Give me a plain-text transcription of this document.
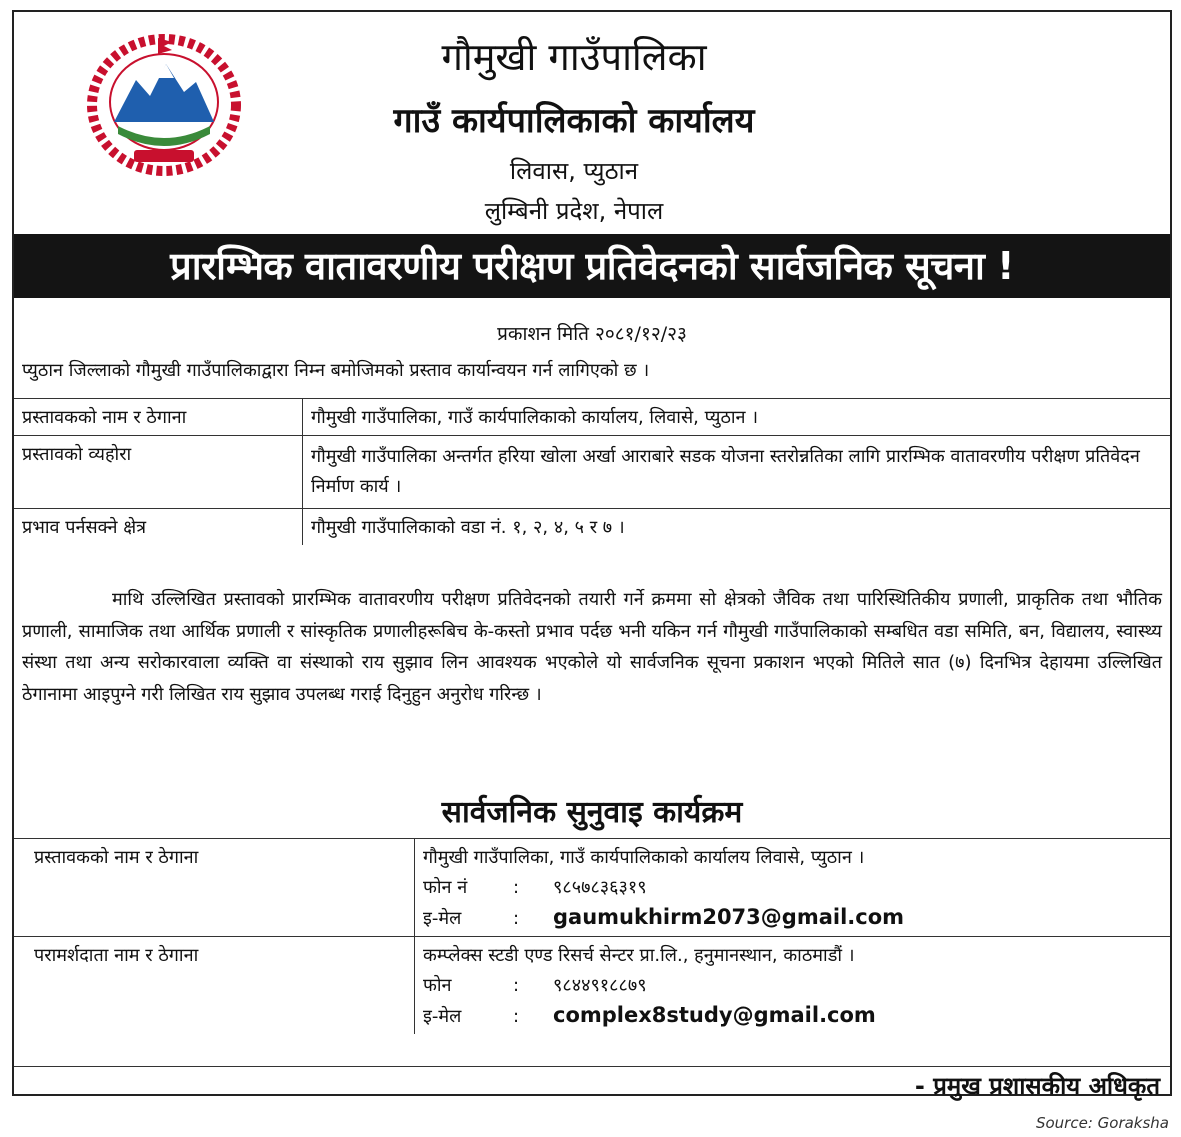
गौमुखी गाउँपालिका
गाउँ कार्यपालिकाको कार्यालय
लिवास, प्युठान
लुम्बिनी प्रदेश, नेपाल
प्रारम्भिक वातावरणीय परीक्षण प्रतिवेदनको सार्वजनिक सूचना !
प्रकाशन मिति २०८१/१२/२३
प्युठान जिल्लाको गौमुखी गाउँपालिकाद्वारा निम्न बमोजिमको प्रस्ताव कार्यान्वयन गर्न लागिएको छ ।
प्रस्तावकको नाम र ठेगाना	गौमुखी गाउँपालिका, गाउँ कार्यपालिकाको कार्यालय, लिवासे, प्युठान ।
प्रस्तावको व्यहोरा	गौमुखी गाउँपालिका अन्तर्गत हरिया खोला अर्खा आराबारे सडक योजना स्तरोन्नतिका लागि प्रारम्भिक वातावरणीय परीक्षण प्रतिवेदन निर्माण कार्य ।
प्रभाव पर्नसक्ने क्षेत्र	गौमुखी गाउँपालिकाको वडा नं. १, २, ४, ५ र ७ ।
माथि उल्लिखित प्रस्तावको प्रारम्भिक वातावरणीय परीक्षण प्रतिवेदनको तयारी गर्ने क्रममा सो क्षेत्रको जैविक तथा पारिस्थितिकीय प्रणाली, प्राकृतिक तथा भौतिक प्रणाली, सामाजिक तथा आर्थिक प्रणाली र सांस्कृतिक प्रणालीहरूबिच के-कस्तो प्रभाव पर्दछ भनी यकिन गर्न गौमुखी गाउँपालिकाको सम्बधित वडा समिति, बन, विद्यालय, स्वास्थ्य संस्था तथा अन्य सरोकारवाला व्यक्ति वा संस्थाको राय सुझाव लिन आवश्यक भएकोले यो सार्वजनिक सूचना प्रकाशन भएको मितिले सात (७) दिनभित्र देहायमा उल्लिखित ठेगानामा आइपुग्ने गरी लिखित राय सुझाव उपलब्ध गराई दिनुहुन अनुरोध गरिन्छ ।
सार्वजनिक सुनुवाइ कार्यक्रम
प्रस्तावकको नाम र ठेगाना	गौमुखी गाउँपालिका, गाउँ कार्यपालिकाको कार्यालय लिवासे, प्युठान ।
फोन नं : ९८५७८३६३१९
इ-मेल : gaumukhirm2073@gmail.com

परामर्शदाता नाम र ठेगाना	कम्प्लेक्स स्टडी एण्ड रिसर्च सेन्टर प्रा.लि., हनुमानस्थान, काठमाडौं ।
फोन : ९८४४९१८८७९
इ-मेल : complex8study@gmail.com
- प्रमुख प्रशासकीय अधिकृत
Source: Goraksha
